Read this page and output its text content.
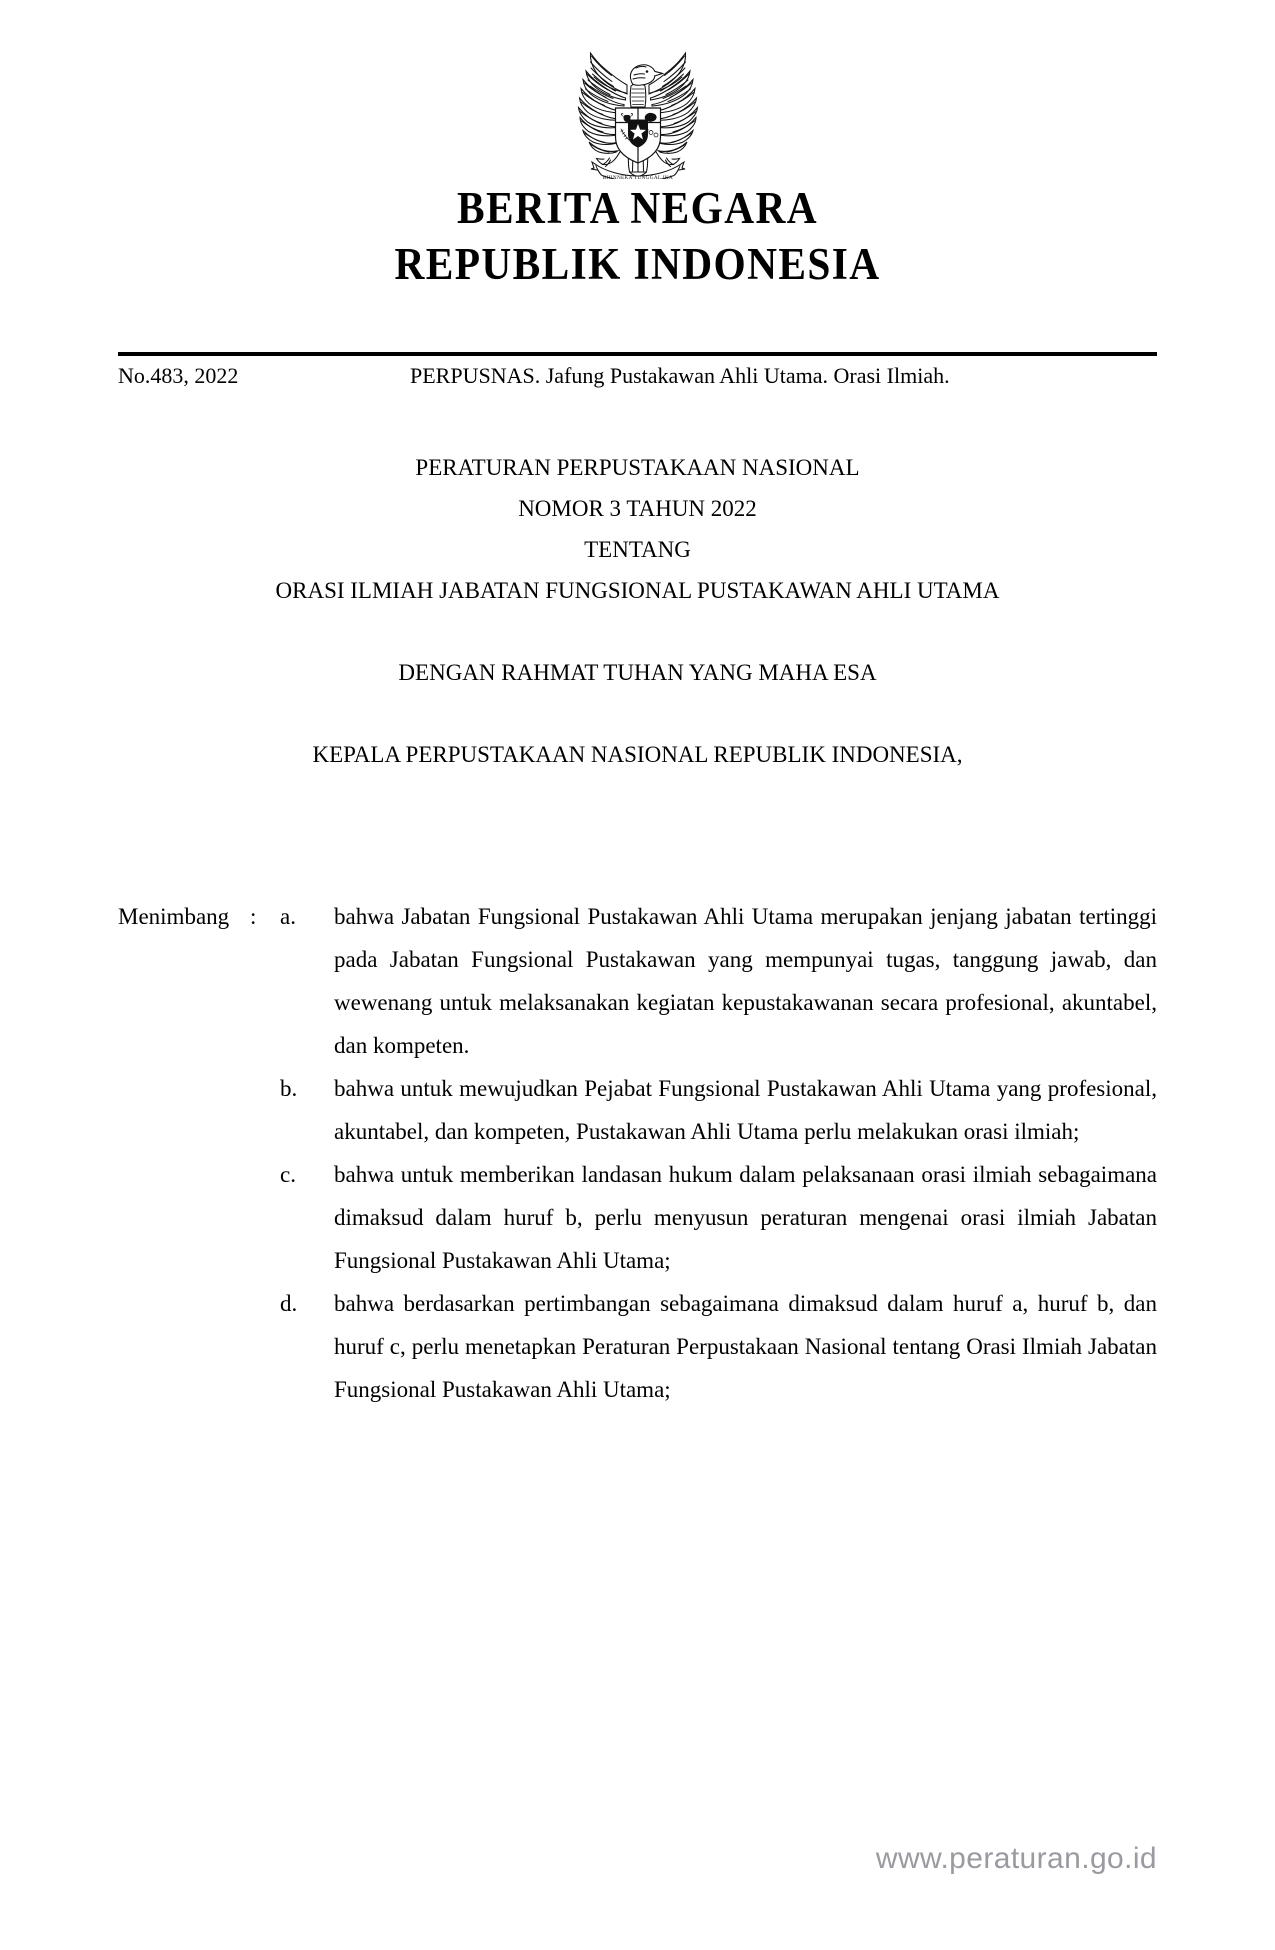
BHINNEKA TUNGGAL IKA
BERITA NEGARA
REPUBLIK INDONESIA
No.483, 2022	PERPUSNAS. Jafung Pustakawan Ahli Utama. Orasi Ilmiah.
PERATURAN PERPUSTAKAAN NASIONAL
NOMOR 3 TAHUN 2022
TENTANG
ORASI ILMIAH JABATAN FUNGSIONAL PUSTAKAWAN AHLI UTAMA
DENGAN RAHMAT TUHAN YANG MAHA ESA
KEPALA PERPUSTAKAAN NASIONAL REPUBLIK INDONESIA,
Menimbang :	a.	bahwa Jabatan Fungsional Pustakawan Ahli Utama merupakan jenjang jabatan tertinggi pada Jabatan Fungsional Pustakawan yang mempunyai tugas, tanggung jawab, dan wewenang untuk melaksanakan kegiatan kepustakawanan secara profesional, akuntabel, dan kompeten.
b.	bahwa untuk mewujudkan Pejabat Fungsional Pustakawan Ahli Utama yang profesional, akuntabel, dan kompeten, Pustakawan Ahli Utama perlu melakukan orasi ilmiah;
c.	bahwa untuk memberikan landasan hukum dalam pelaksanaan orasi ilmiah sebagaimana dimaksud dalam huruf b, perlu menyusun peraturan mengenai orasi ilmiah Jabatan Fungsional Pustakawan Ahli Utama;
d.	bahwa berdasarkan pertimbangan sebagaimana dimaksud dalam huruf a, huruf b, dan huruf c, perlu menetapkan Peraturan Perpustakaan Nasional tentang Orasi Ilmiah Jabatan Fungsional Pustakawan Ahli Utama;
www.peraturan.go.id
